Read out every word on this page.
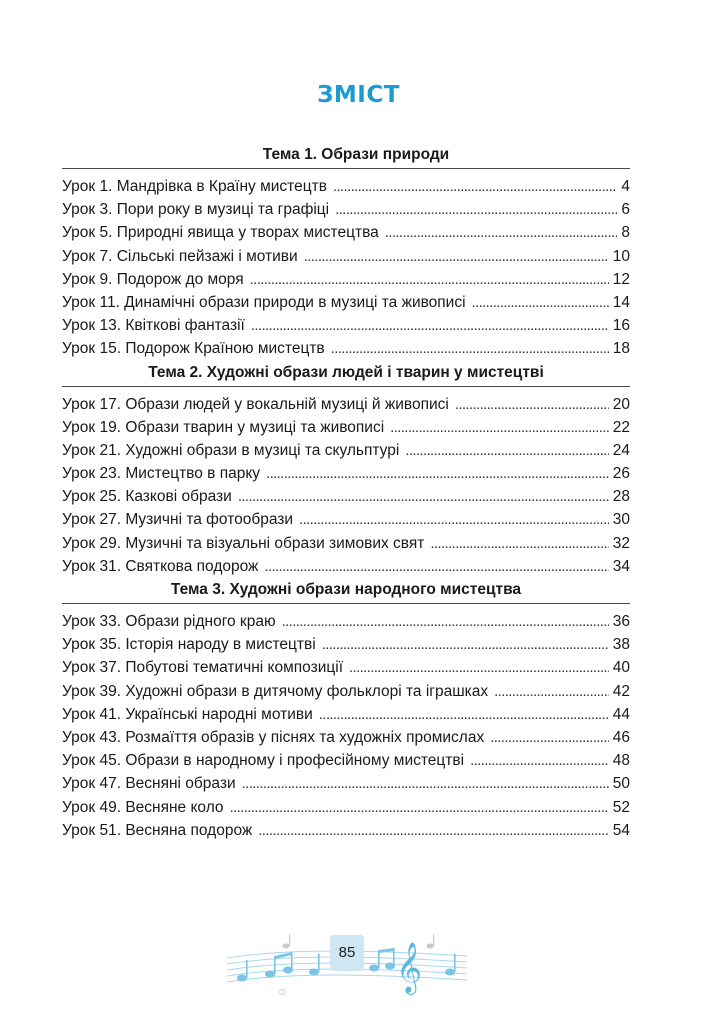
ЗМІСТ
Тема 1. Образи природи
Урок 1. Мандрівка в Країну мистецтв . . .	4
Урок 3. Пори року в музиці та графіці . . .	6
Урок 5. Природні явища у творах мистецтва . . .	8
Урок 7. Сільські пейзажі і мотиви . . .	10
Урок 9. Подорож до моря . . .	12
Урок 11. Динамічні образи природи в музиці та живописі . . .	14
Урок 13. Квіткові фантазії . . .	16
Урок 15. Подорож Країною мистецтв . . .	18
Тема 2. Художні образи людей і тварин у мистецтві
Урок 17. Образи людей у вокальній музиці й живописі . . .	20
Урок 19. Образи тварин у музиці та живописі . . .	22
Урок 21. Художні образи в музиці та скульптурі . . .	24
Урок 23. Мистецтво в парку . . .	26
Урок 25. Казкові образи . . .	28
Урок 27. Музичні та фотообрази . . .	30
Урок 29. Музичні та візуальні образи зимових свят . . .	32
Урок 31. Святкова подорож . . .	34
Тема 3. Художні образи народного мистецтва
Урок 33. Образи рідного краю . . .	36
Урок 35. Історія народу в мистецтві . . .	38
Урок 37. Побутові тематичні композиції . . .	40
Урок 39. Художні образи в дитячому фольклорі та іграшках . . .	42
Урок 41. Українські народні мотиви . . .	44
Урок 43. Розмаїття образів у піснях та художніх промислах . . .	46
Урок 45. Образи в народному і професійному мистецтві . . .	48
Урок 47. Весняні образи . . .	50
Урок 49. Весняне коло . . .	52
Урок 51. Весняна подорож . . .	54
𝄞
85
